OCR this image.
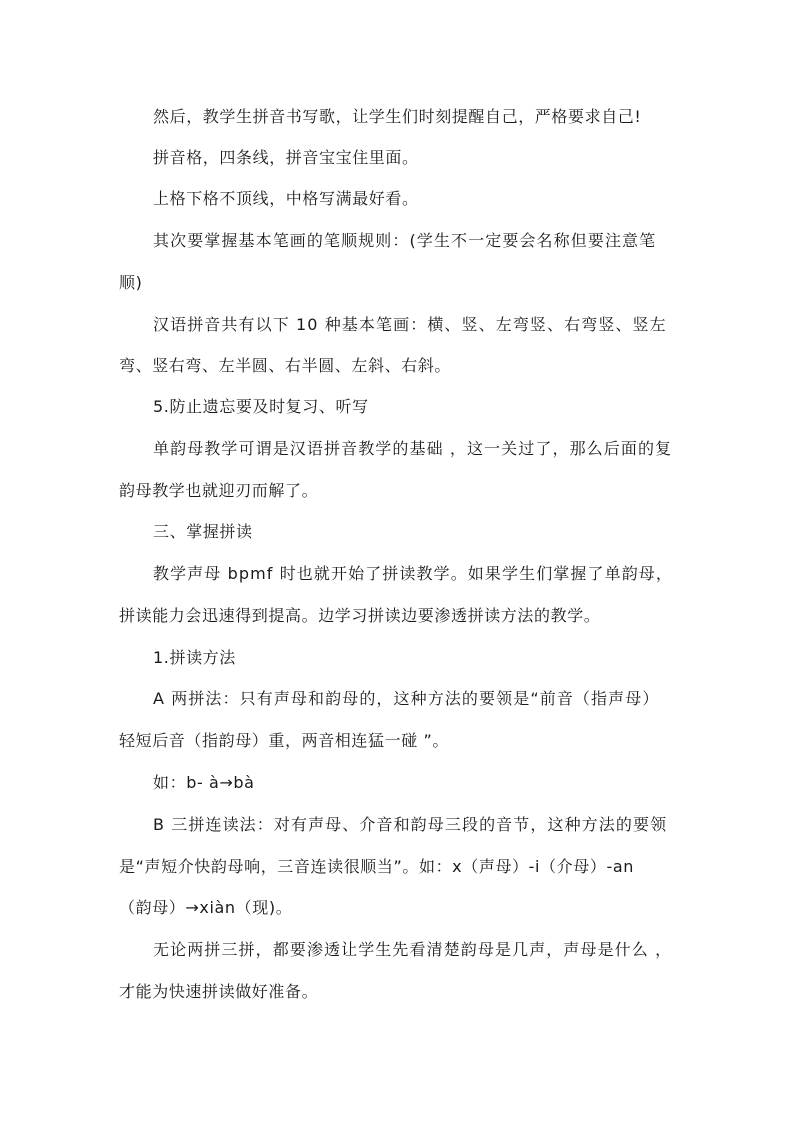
然后，教学生拼音书写歌，让学生们时刻提醒自己，严格要求自己!
拼音格，四条线，拼音宝宝住里面。
上格下格不顶线，中格写满最好看。
其次要掌握基本笔画的笔顺规则：(学生不一定要会名称但要注意笔
顺)
汉语拼音共有以下 10 种基本笔画：横、竖、左弯竖、右弯竖、竖左
弯、竖右弯、左半圆、右半圆、左斜、右斜。
5.防止遗忘要及时复习、听写
单韵母教学可谓是汉语拼音教学的基础 ，这一关过了，那么后面的复
韵母教学也就迎刃而解了。
三、掌握拼读
教学声母 bpmf 时也就开始了拼读教学。如果学生们掌握了单韵母，
拼读能力会迅速得到提高。边学习拼读边要渗透拼读方法的教学。
1.拼读方法
A 两拼法：只有声母和韵母的，这种方法的要领是“前音（指声母）
轻短后音（指韵母）重，两音相连猛一碰 ”。
如：b- à→bà
B 三拼连读法：对有声母、介音和韵母三段的音节，这种方法的要领
是“声短介快韵母响，三音连读很顺当”。如：x（声母）-i（介母）-an
（韵母）→xiàn（现)。
无论两拼三拼，都要渗透让学生先看清楚韵母是几声，声母是什么 ，
才能为快速拼读做好准备。
